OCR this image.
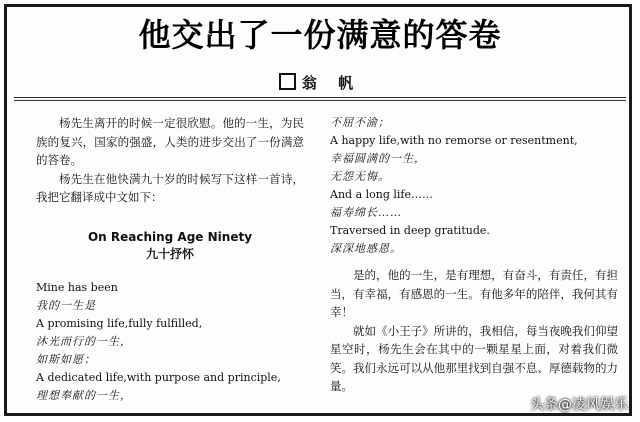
他交出了一份满意的答卷
翁 帆

杨先生离开的时候一定很欣慰。他的一生，为民族的复兴，国家的强盛，人类的进步交出了一份满意的答卷。

杨先生在他快满九十岁的时候写下这样一首诗，我把它翻译成中文如下：

On Reaching Age Ninety
九十抒怀

Mine has been

我的一生是

A promising life,fully fulfilled,

沐光而行的一生，

如斯如愿；

A dedicated life,with purpose and principle,

理想奉献的一生，

不屈不渝；

A happy life,with no remorse or resentment,

幸福圆满的一生，

无怨无悔。

And a long life……

福寿绵长……

Traversed in deep gratitude.

深深地感恩。

是的，他的一生，是有理想，有奋斗，有责任，有担当，有幸福，有感恩的一生。有他多年的陪伴，我何其有幸！

就如《小王子》所讲的，我相信，每当夜晚我们仰望星空时，杨先生会在其中的一颗星星上面，对着我们微笑。我们永远可以从他那里找到自强不息、厚德载物的力量。

头条@凌风娱乐
